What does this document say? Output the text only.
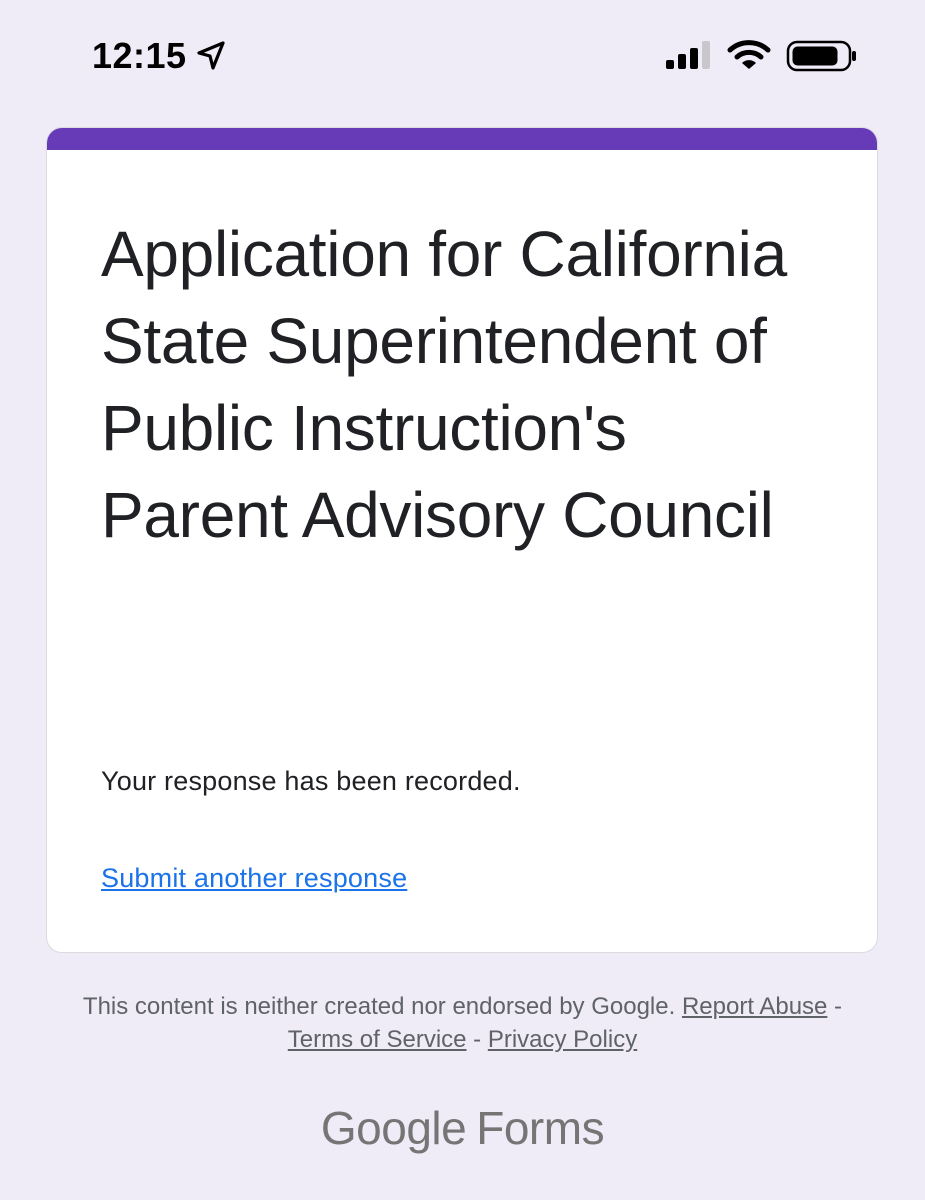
12:15
Application for California State Superintendent of Public Instruction's Parent Advisory Council
Your response has been recorded.
Submit another response
This content is neither created nor endorsed by Google. Report Abuse - Terms of Service - Privacy Policy
Google Forms
